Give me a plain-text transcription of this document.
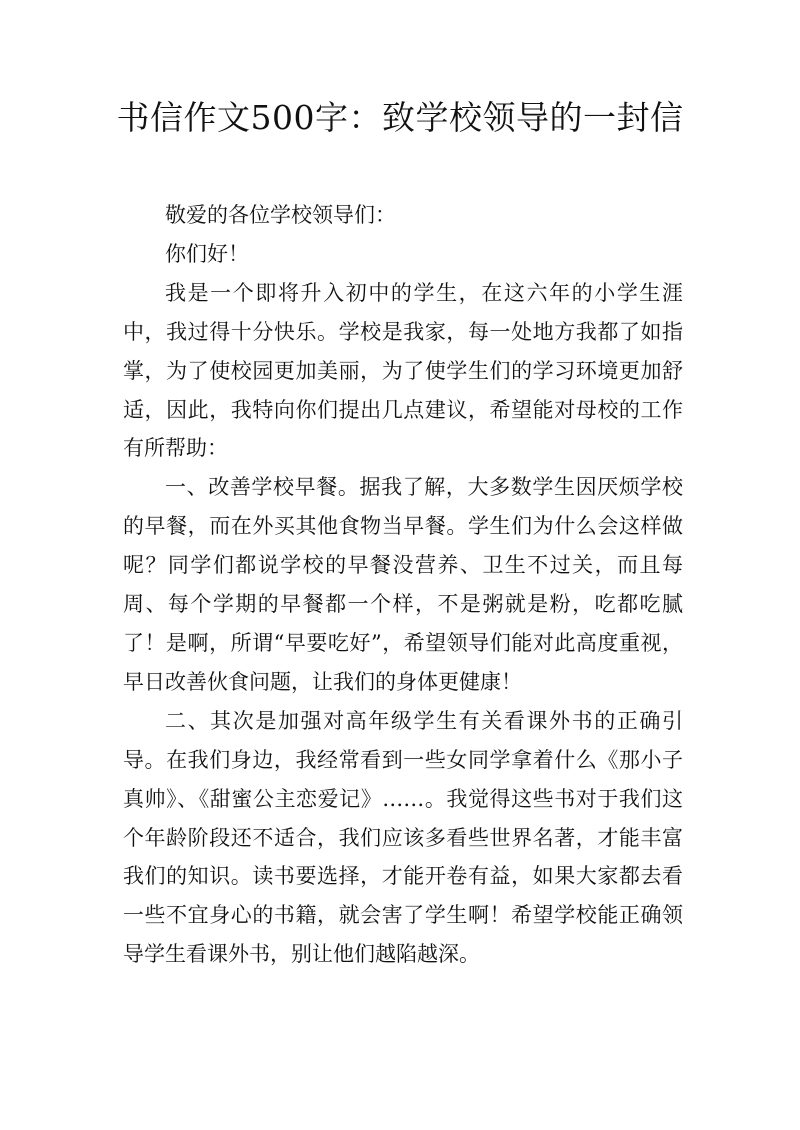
书信作文500字：致学校领导的一封信

敬爱的各位学校领导们：

你们好！

我是一个即将升入初中的学生，在这六年的小学生涯中，我过得十分快乐。学校是我家，每一处地方我都了如指掌，为了使校园更加美丽，为了使学生们的学习环境更加舒适，因此，我特向你们提出几点建议，希望能对母校的工作有所帮助：

一、改善学校早餐。据我了解，大多数学生因厌烦学校的早餐，而在外买其他食物当早餐。学生们为什么会这样做呢？同学们都说学校的早餐没营养、卫生不过关，而且每周、每个学期的早餐都一个样，不是粥就是粉，吃都吃腻了！是啊，所谓“早要吃好”，希望领导们能对此高度重视，早日改善伙食问题，让我们的身体更健康！

二、其次是加强对高年级学生有关看课外书的正确引导。在我们身边，我经常看到一些女同学拿着什么《那小子真帅》、《甜蜜公主恋爱记》……。我觉得这些书对于我们这个年龄阶段还不适合，我们应该多看些世界名著，才能丰富我们的知识。读书要选择，才能开卷有益，如果大家都去看一些不宜身心的书籍，就会害了学生啊！希望学校能正确领导学生看课外书，别让他们越陷越深。
